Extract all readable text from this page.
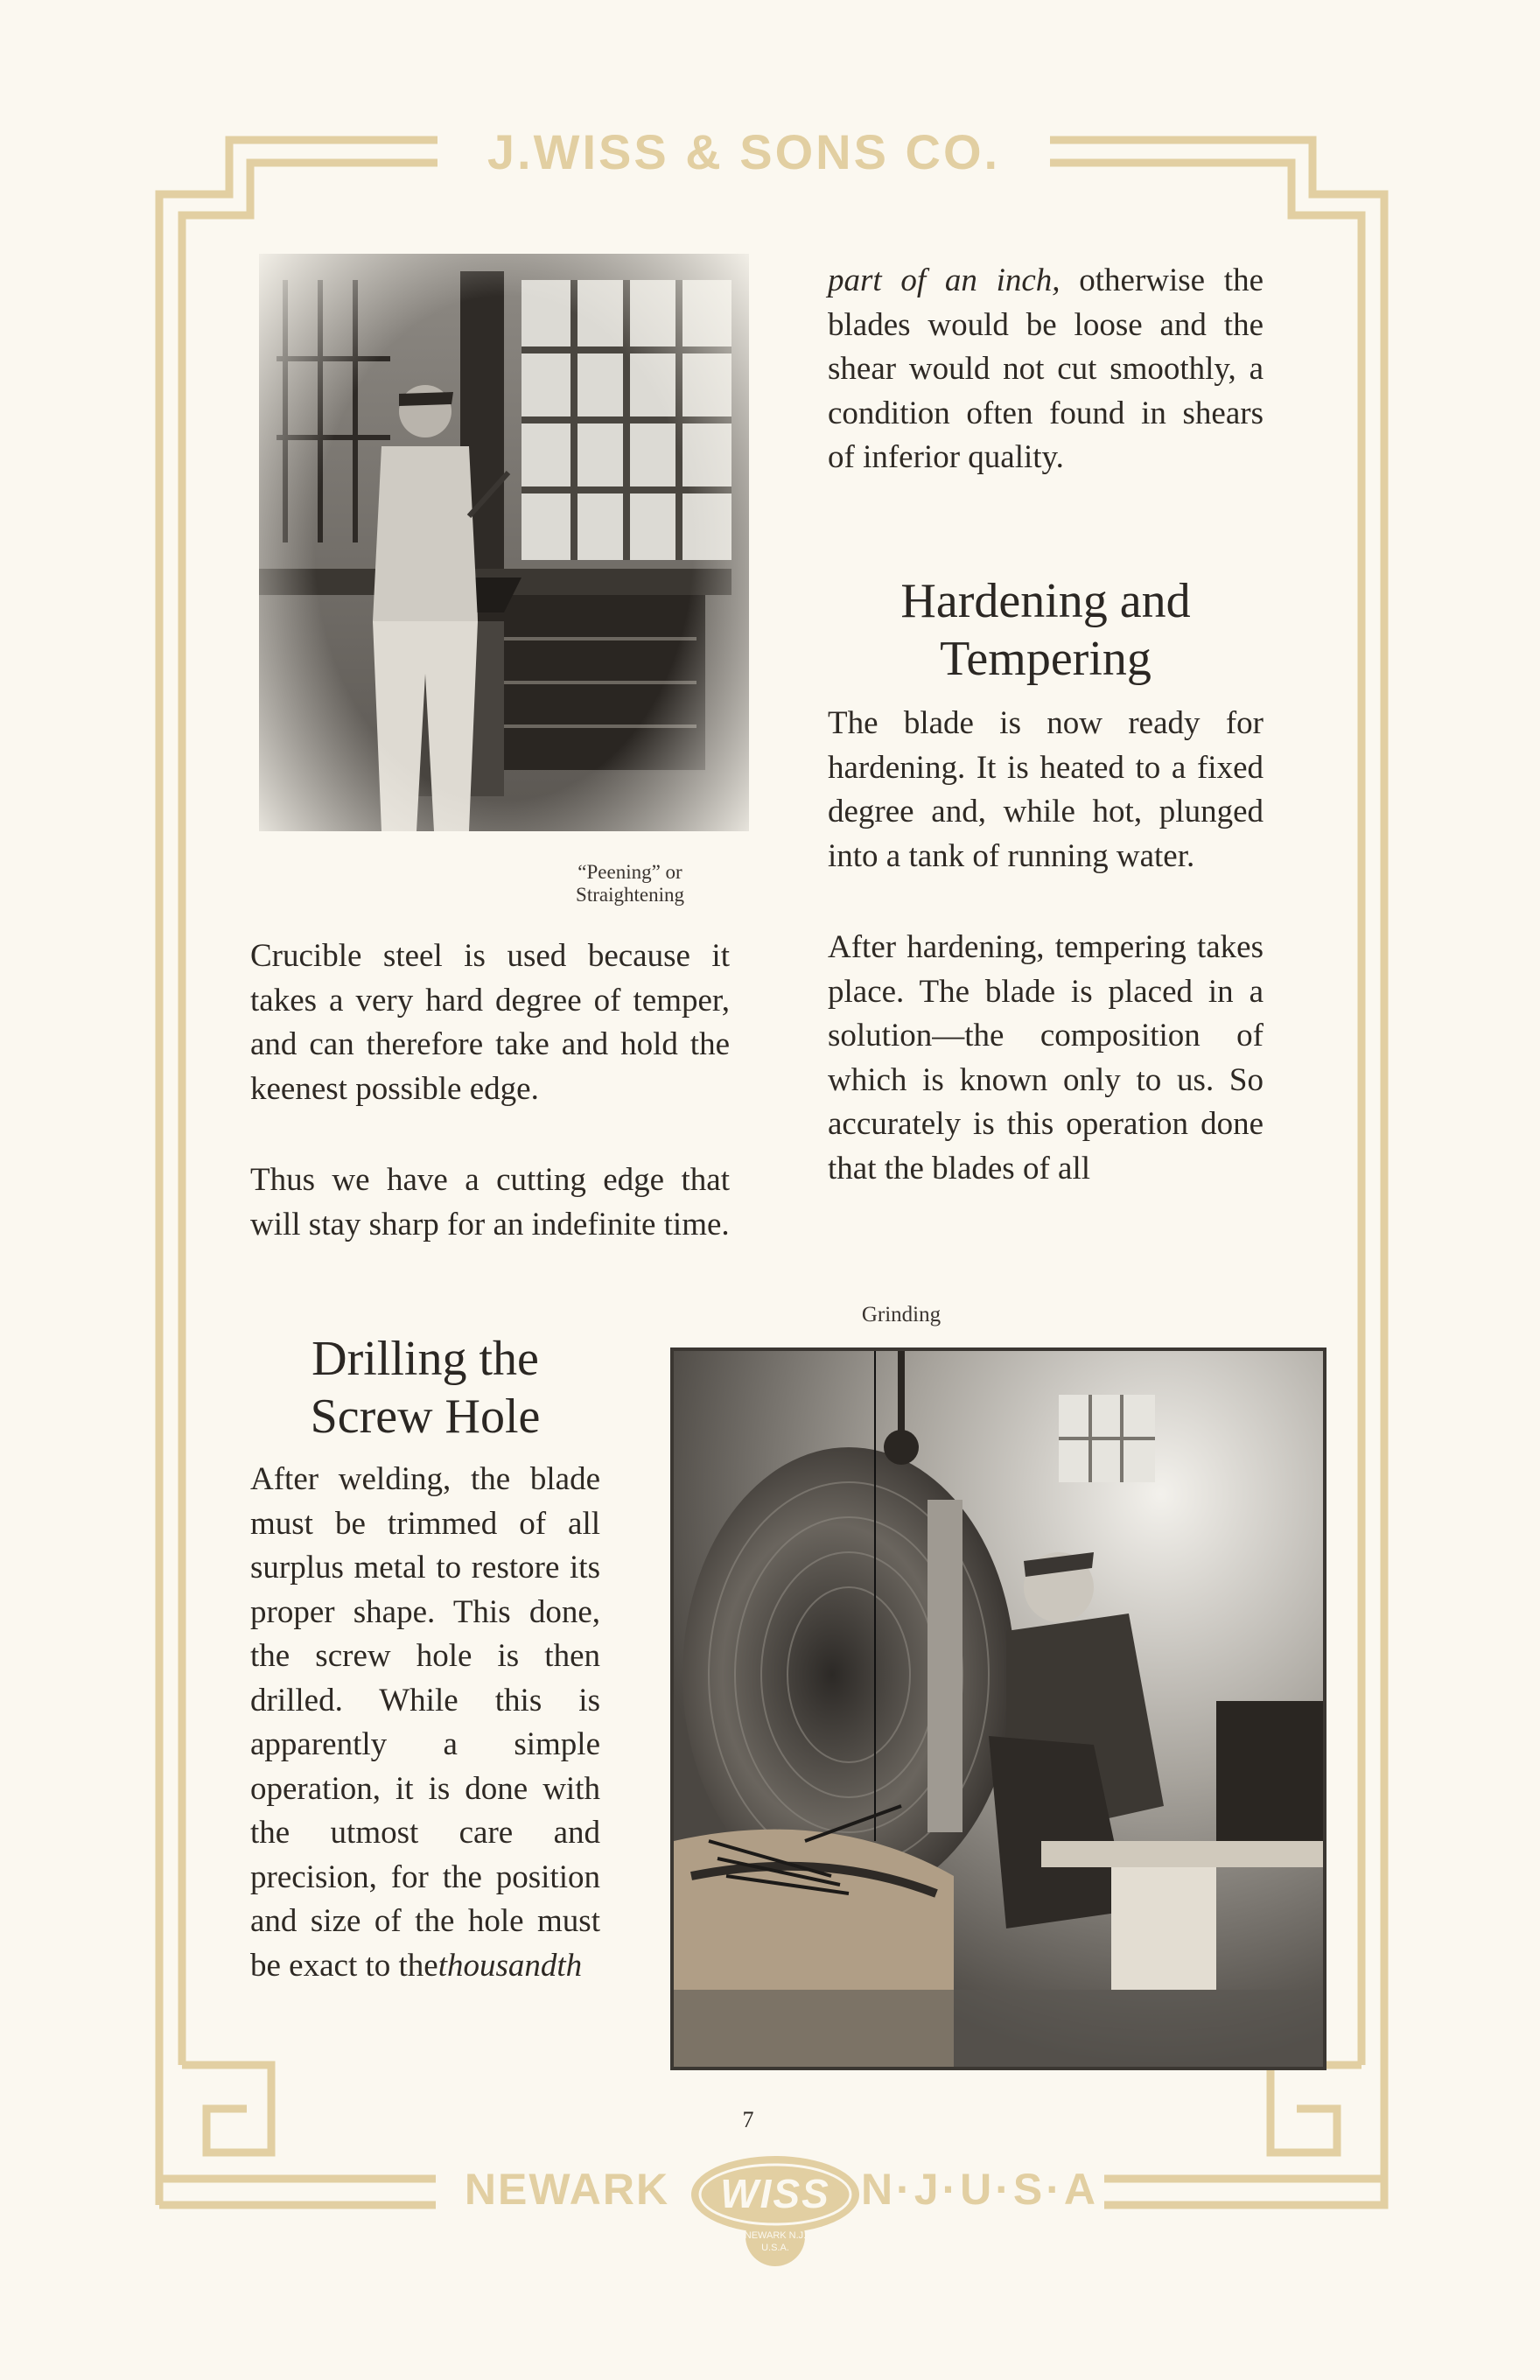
J.WISS & SONS CO.
NEWARK	N·J·U·S·A
WISS
NEWARK N.J.
U.S.A.
“Peening” or
Straightening

Crucible steel is used because it takes a very hard degree of temper, and can therefore take and hold the keenest possible edge.

Thus we have a cutting edge that will stay sharp for an indefinite time.

Drilling the
Screw Hole

After welding, the blade must be trimmed of all surplus metal to restore its proper shape. This done, the screw hole is then drilled. While this is apparently a simple operation, it is done with the utmost care and precision, for the position and size of the hole must be exact to thethousandth

part of an inch, otherwise the blades would be loose and the shear would not cut smoothly, a condition often found in shears of inferior quality.

Hardening and
Tempering

The blade is now ready for hardening. It is heated to a fixed degree and, while hot, plunged into a tank of running water.

After hardening, tempering takes place. The blade is placed in a solution—the composition of which is known only to us. So accurately is this operation done that the blades of all

Grinding
7
